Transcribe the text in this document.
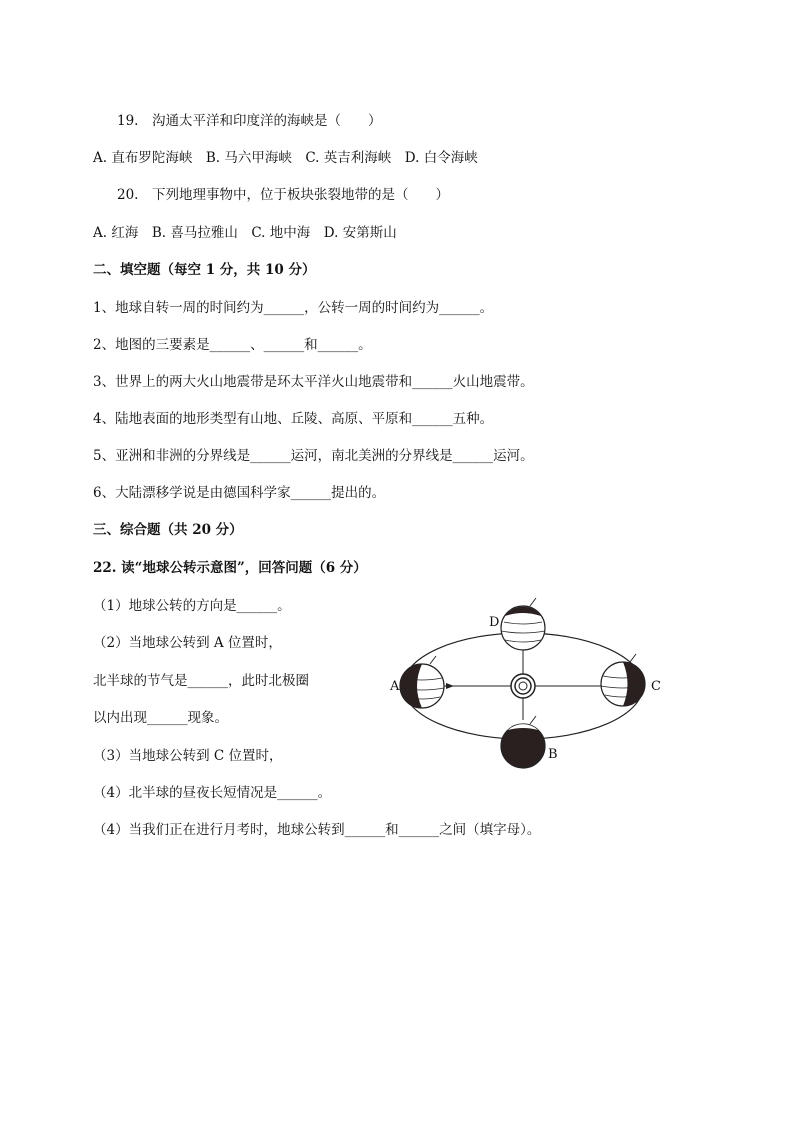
19.　沟通太平洋和印度洋的海峡是（　　）
A. 直布罗陀海峡　B. 马六甲海峡　C. 英吉利海峡　D. 白令海峡
20.　下列地理事物中，位于板块张裂地带的是（　　）
A. 红海　B. 喜马拉雅山　C. 地中海　D. 安第斯山
二、填空题（每空 1 分，共 10 分）
1、地球自转一周的时间约为______，公转一周的时间约为______。
2、地图的三要素是______、______和______。
3、世界上的两大火山地震带是环太平洋火山地震带和______火山地震带。
4、陆地表面的地形类型有山地、丘陵、高原、平原和______五种。
5、亚洲和非洲的分界线是______运河，南北美洲的分界线是______运河。
6、大陆漂移学说是由德国科学家______提出的。
三、综合题（共 20 分）
22. 读“地球公转示意图”，回答问题（6 分）
（1）地球公转的方向是______。
（2）当地球公转到 A 位置时，
北半球的节气是______，此时北极圈
以内出现______现象。
（3）当地球公转到 C 位置时，
（4）北半球的昼夜长短情况是______。
（4）当我们正在进行月考时，地球公转到______和______之间（填字母）。
A	C
D
B
